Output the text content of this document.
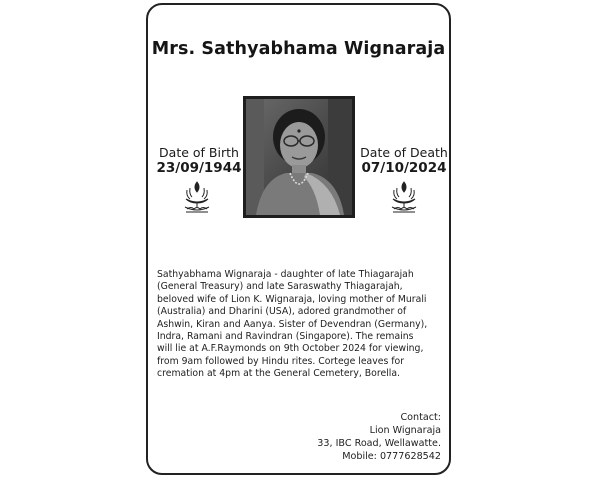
Mrs. Sathyabhama Wignaraja
Date of Birth
23/09/1944
Date of Death
07/10/2024
Sathyabhama Wignaraja - daughter of late Thiagarajah
(General Treasury) and late Saraswathy Thiagarajah,
beloved wife of Lion K. Wignaraja, loving mother of Murali
(Australia) and Dharini (USA), adored grandmother of
Ashwin, Kiran and Aanya. Sister of Devendran (Germany),
Indra, Ramani and Ravindran (Singapore). The remains
will lie at A.F.Raymonds on 9th October 2024 for viewing,
from 9am followed by Hindu rites. Cortege leaves for
cremation at 4pm at the General Cemetery, Borella.
Contact:
Lion Wignaraja
33, IBC Road, Wellawatte.
Mobile: 0777628542
